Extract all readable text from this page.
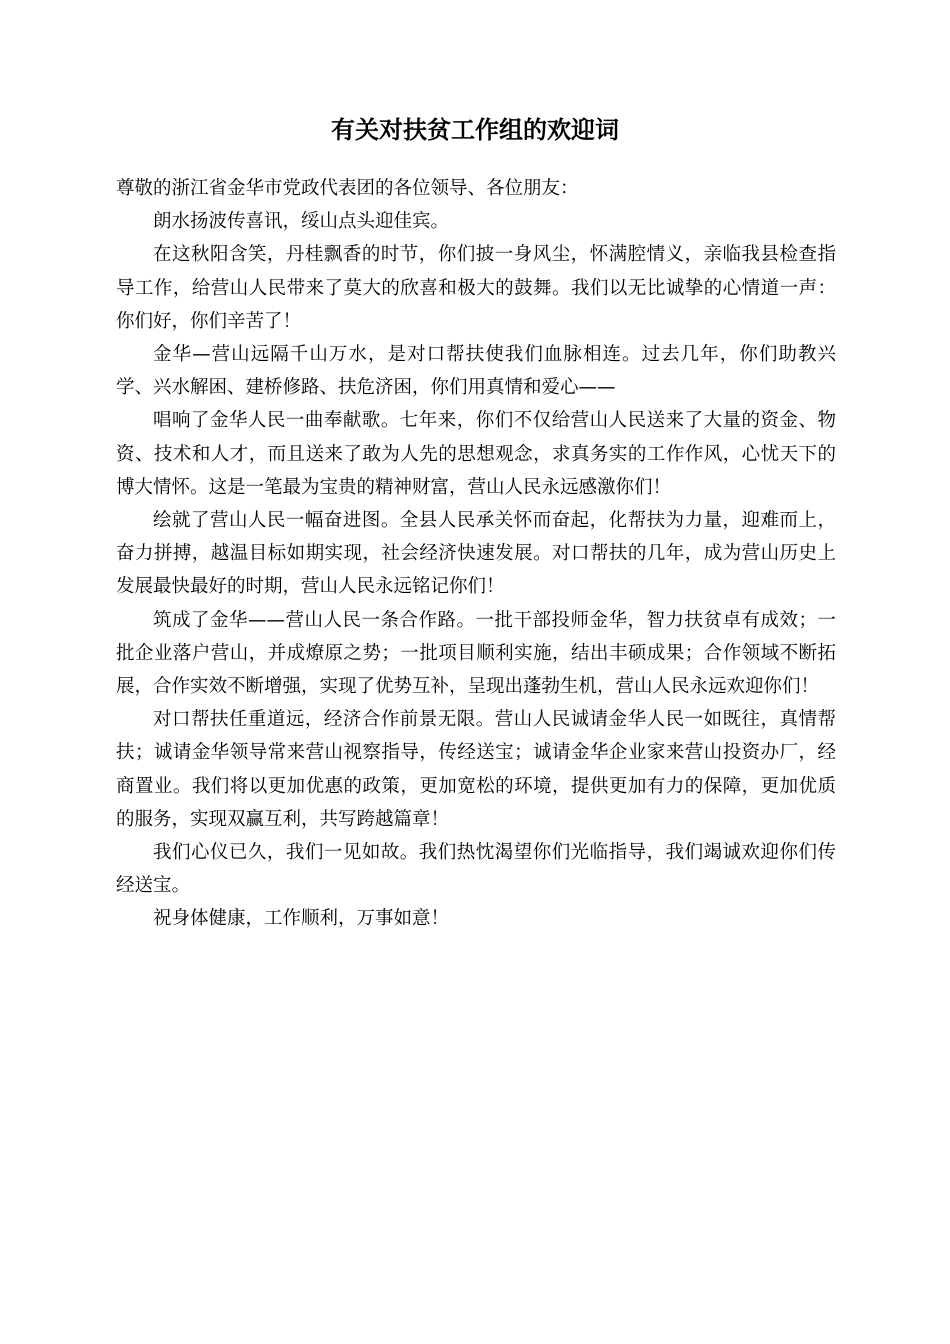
有关对扶贫工作组的欢迎词

尊敬的浙江省金华市党政代表团的各位领导、各位朋友：

朗水扬波传喜讯，绥山点头迎佳宾。

在这秋阳含笑，丹桂飘香的时节，你们披一身风尘，怀满腔情义，亲临我县检查指导工作，给营山人民带来了莫大的欣喜和极大的鼓舞。我们以无比诚挚的心情道一声：你们好，你们辛苦了！

金华—营山远隔千山万水，是对口帮扶使我们血脉相连。过去几年，你们助教兴学、兴水解困、建桥修路、扶危济困，你们用真情和爱心——

唱响了金华人民一曲奉献歌。七年来，你们不仅给营山人民送来了大量的资金、物资、技术和人才，而且送来了敢为人先的思想观念，求真务实的工作作风，心忧天下的博大情怀。这是一笔最为宝贵的精神财富，营山人民永远感激你们！

绘就了营山人民一幅奋进图。全县人民承关怀而奋起，化帮扶为力量，迎难而上，奋力拼搏，越温目标如期实现，社会经济快速发展。对口帮扶的几年，成为营山历史上发展最快最好的时期，营山人民永远铭记你们！

筑成了金华——营山人民一条合作路。一批干部投师金华，智力扶贫卓有成效；一批企业落户营山，并成燎原之势；一批项目顺利实施，结出丰硕成果；合作领域不断拓展，合作实效不断增强，实现了优势互补，呈现出蓬勃生机，营山人民永远欢迎你们！

对口帮扶任重道远，经济合作前景无限。营山人民诚请金华人民一如既往，真情帮扶；诚请金华领导常来营山视察指导，传经送宝；诚请金华企业家来营山投资办厂，经商置业。我们将以更加优惠的政策，更加宽松的环境，提供更加有力的保障，更加优质的服务，实现双赢互利，共写跨越篇章！

我们心仪已久，我们一见如故。我们热忱渴望你们光临指导，我们竭诚欢迎你们传经送宝。

祝身体健康，工作顺利，万事如意！
